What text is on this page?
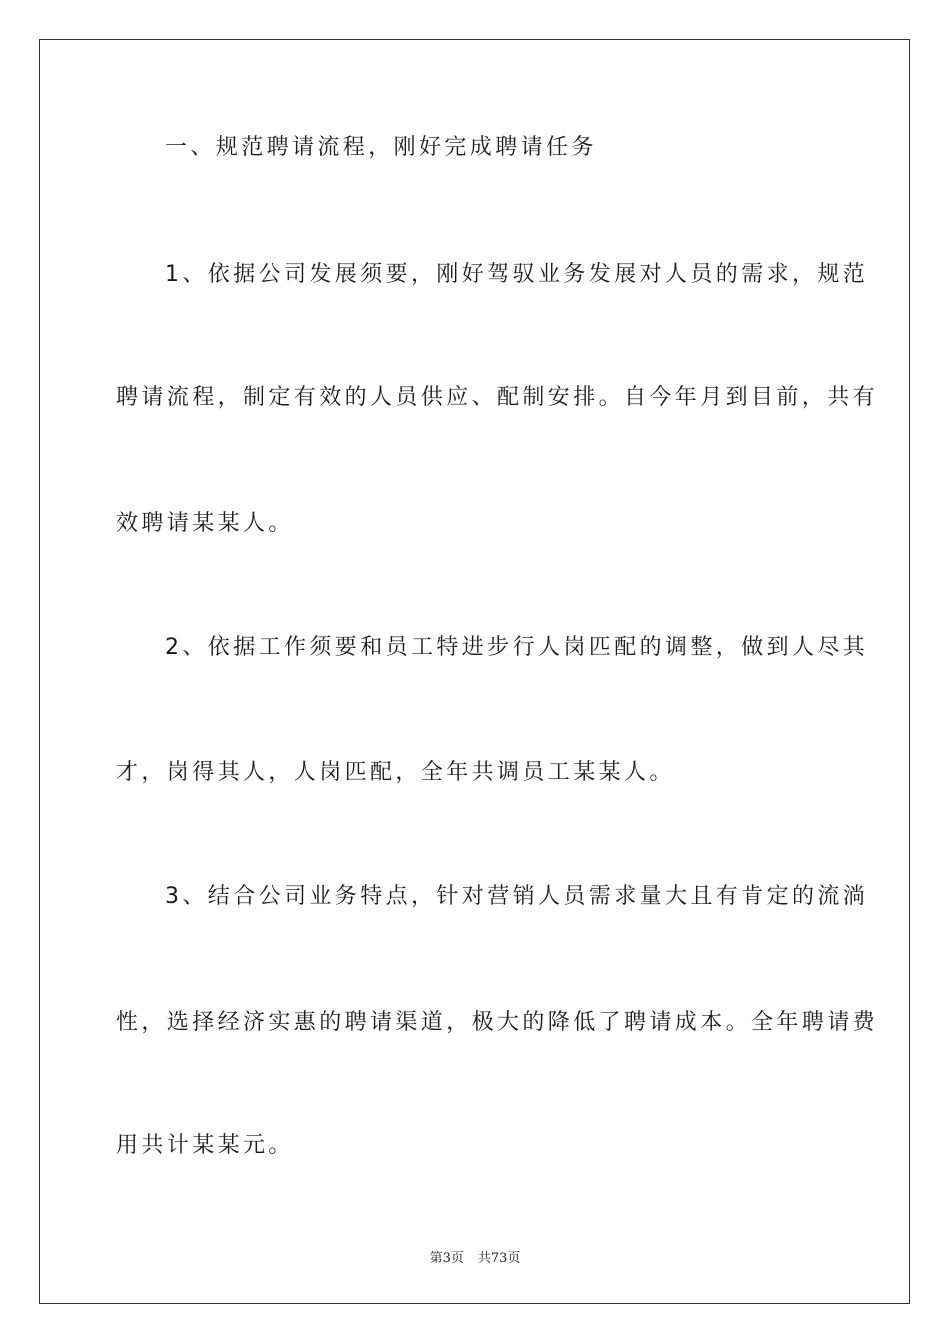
一、规范聘请流程，刚好完成聘请任务
1、依据公司发展须要，刚好驾驭业务发展对人员的需求，规范
聘请流程，制定有效的人员供应、配制安排。自今年月到目前，共有
效聘请某某人。
2、依据工作须要和员工特进步行人岗匹配的调整，做到人尽其
才，岗得其人，人岗匹配，全年共调员工某某人。
3、结合公司业务特点，针对营销人员需求量大且有肯定的流淌
性，选择经济实惠的聘请渠道，极大的降低了聘请成本。全年聘请费
用共计某某元。
第3页 共73页
